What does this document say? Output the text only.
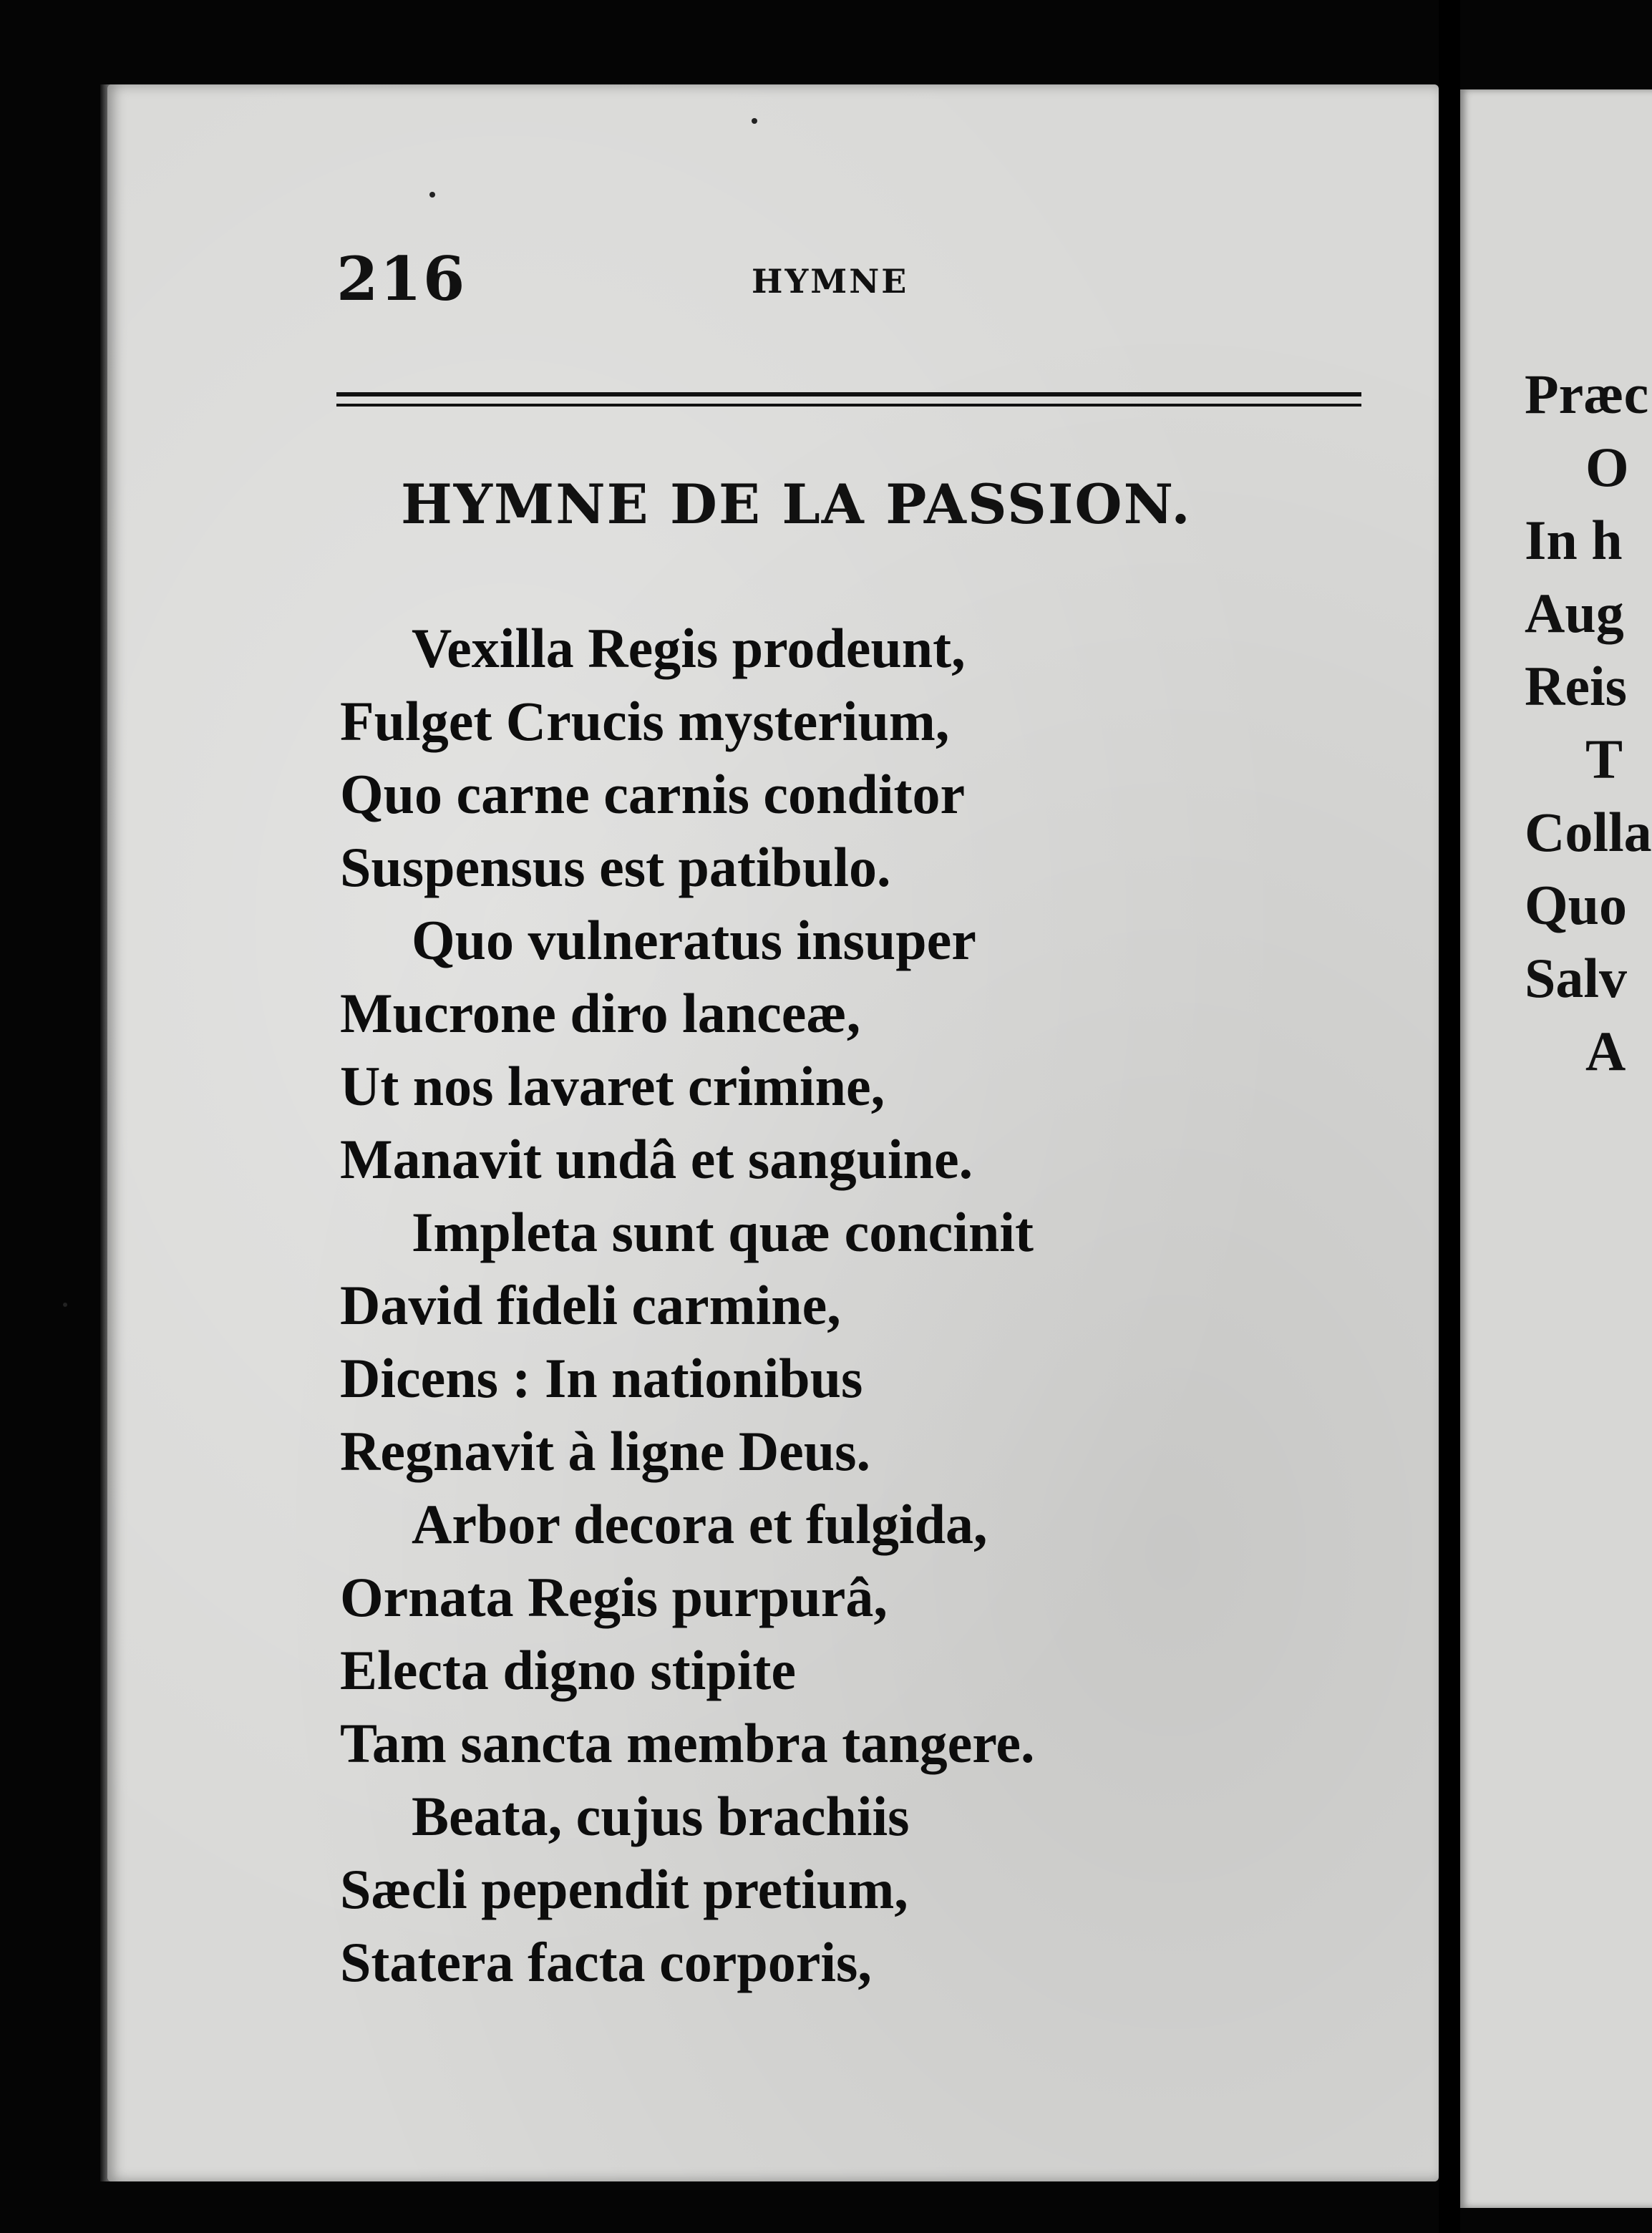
216	HYMNE
HYMNE DE LA PASSION.
Vexilla Regis prodeunt,
Fulget Crucis mysterium,
Quo carne carnis conditor
Suspensus est patibulo.
Quo vulneratus insuper
Mucrone diro lanceæ,
Ut nos lavaret crimine,
Manavit undâ et sanguine.
Impleta sunt quæ concinit
David fideli carmine,
Dicens : In nationibus
Regnavit à ligne Deus.
Arbor decora et fulgida,
Ornata Regis purpurâ,
Electa digno stipite
Tam sancta membra tangere.
Beata, cujus brachiis
Sæcli pependit pretium,
Statera facta corporis,
Præc
O
In h
Aug
Reis
T
Colla
Quo
Salv
A
